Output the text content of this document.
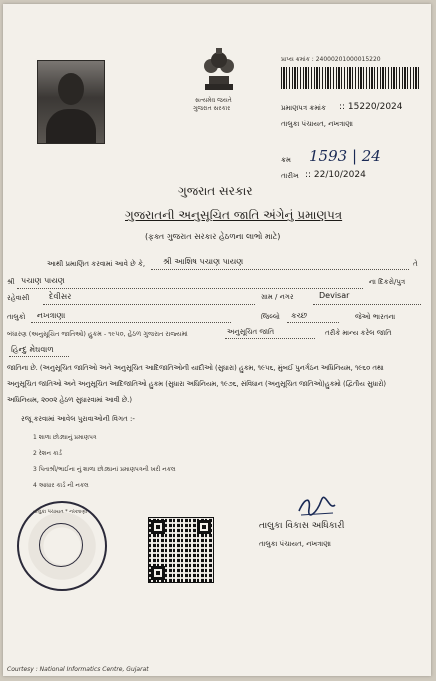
સત્યમેવ જયતે
ગુજરાત સરકાર
પ્રાપ્ય ક્રમાંક : 24000201000015220
પ્રમાણપત્ર ક્રમાંક :: 15220/2024
તાલુકા પંચાયત, નખત્રાણા
ક્રમ 1593 | 24
તારીખ :: 22/10/2024
ગુજરાત સરકાર
ગુજરાતની અનુસૂચિત જાતિ અંગેનું પ્રમાણપત્ર
(ફક્ત ગુજરાત સરકાર હેઠળના લાભો માટે)
આથી પ્રમાણિત કરવામાં આવે છે કે, શ્રી આશિષ પચાણ પાયણ	તે
શ્રી પચાણ પાયણ	ના દિકરો/પુત્ર
રહેવાસી દેવીસર	ગ્રામ / નગર	Devisar
તાલુકો નખત્રાણા	જિલ્લો કચ્છ	જેઓ ભારતના
બંધારણ (અનુસૂચિત જાતિઓ) હુકમ - ૧૯૫૦, હેઠળ ગુજરાત રાજ્યમાં	અનુસૂચિત જાતિ	તરીકે માન્ય કરેલ જાતિ
હિન્દુ મેઘવાળ
જાતિના છે. (અનુસૂચિત જાતિઓ અને અનુસૂચિત આદિજાતિઓની યાદીઓ (સુધારા) હુકમ, ૧૯૫૬, મુંબઈ પુનર્ગઠન અધિનિયમ, ૧૯૬૦ તથા
અનુસૂચિત જાતિઓ અને અનુસૂચિત આદિજાતિઓ હુકમ (સુધારા અધિનિયમ, ૧૯૭૬, સંવિધાન (અનુસૂચિત જાતિઓ)હુકમો (દ્વિતીય સુધારો)
અધિનિયમ, ૨૦૦૨ હેઠળ સુધારવામાં આવી છે.)
રજૂ કરવામાં આવેલ પુરાવાઓની વિગત :-
1 શાળા છોડ્યાનું પ્રમાણપત્ર
2 રેશન કાર્ડ
3 પિતાશ્રી/ભાઈના નું શાળા છોડ્યાનાં પ્રમાણપત્રની ખરી નકલ
4 આધાર કાર્ડ ની નકલ
તાલુકા પંચાયત * નખત્રાણા
તાલુકા વિકાસ અધિકારી
તાલુકા પંચાયત, નખત્રાણા
Courtesy : National Informatics Centre, Gujarat
